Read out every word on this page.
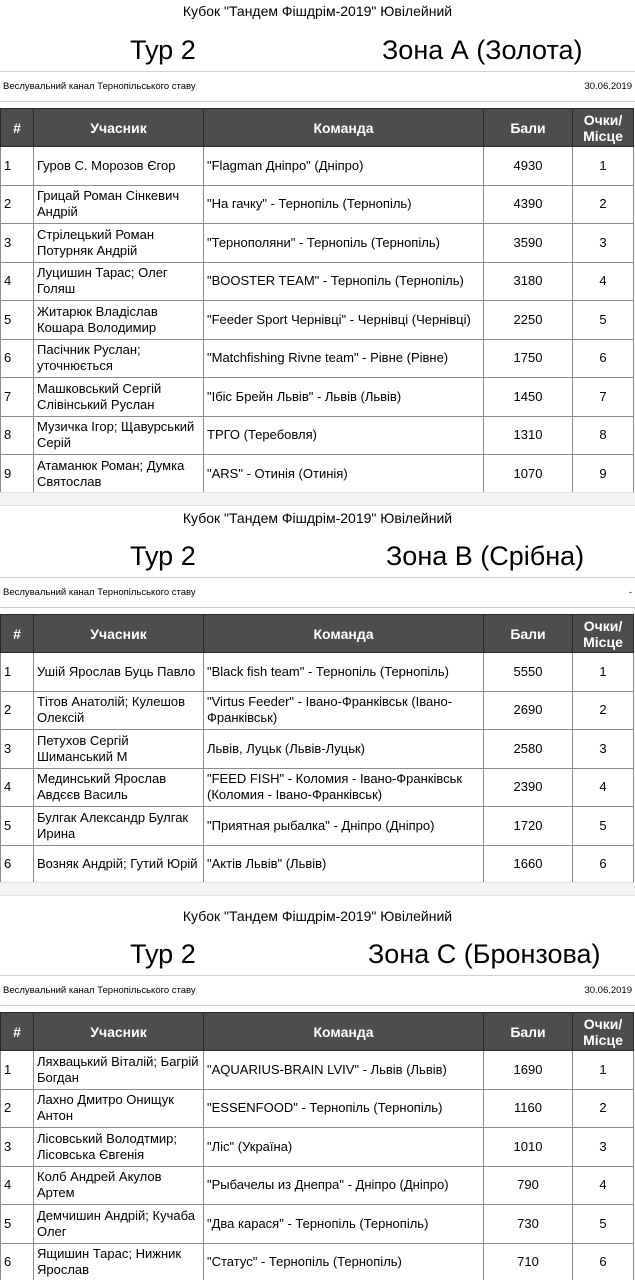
Кубок "Тандем Фішдрім-2019" Ювілейний
Тур 2	Зона А (Золота)
Веслувальний канал Тернопільського ставу	30.06.2019
#	Учасник	Команда	Бали	Очки/
Місце
1	Гуров С. Морозов Єгор	"Flagman Дніпро" (Дніпро)	4930	1
2	Грицай Роман Сінкевич Андрій	"На гачку" - Тернопіль (Тернопіль)	4390	2
3	Стрілецький Роман Потурняк Андрій	"Тернополяни" - Тернопіль (Тернопіль)	3590	3
4	Луцишин Тарас; Олег Голяш	"BOOSTER TEAM" - Тернопіль (Тернопіль)	3180	4
5	Житарюк Владіслав Кошара Володимир	"Feeder Sport Чернівці" - Чернівці (Чернівці)	2250	5
6	Пасічник Руслан; уточнюється	"Matchfishing Rivne team" - Рівне (Рівне)	1750	6
7	Машковський Сергій Слівінський Руслан	"Ібіс Брейн Львів" - Львів (Львів)	1450	7
8	Музичка Ігор; Щавурський Серій	ТРГО (Теребовля)	1310	8
9	Атаманюк Роман; Думка Святослав	"ARS" - Отинія (Отинія)	1070	9
Кубок "Тандем Фішдрім-2019" Ювілейний
Тур 2	Зона В (Срібна)
Веслувальний канал Тернопільського ставу	-
#	Учасник	Команда	Бали	Очки/
Місце
1	Ушій Ярослав Буць Павло	"Black fish team" - Тернопіль (Тернопіль)	5550	1
2	Тітов Анатолій; Кулешов Олексій	"Virtus Feeder" - Івано-Франківськ (Івано-Франківськ)	2690	2
3	Петухов Сергій Шиманський М	Львів, Луцьк (Львів-Луцьк)	2580	3
4	Мединський Ярослав Авдєєв Василь	"FEED FISH" - Коломия - Івано-Франківськ (Коломия - Івано-Франківськ)	2390	4
5	Булгак Александр Булгак Ирина	"Приятная рыбалка" - Дніпро (Дніпро)	1720	5
6	Возняк Андрій; Гутий Юрій	"Актів Львів" (Львів)	1660	6
Кубок "Тандем Фішдрім-2019" Ювілейний
Тур 2	Зона С (Бронзова)
Веслувальний канал Тернопільського ставу	30.06.2019
#	Учасник	Команда	Бали	Очки/
Місце
1	Ляхвацький Віталій; Багрій Богдан	"AQUARIUS-BRAIN LVIV" - Львів (Львів)	1690	1
2	Лахно Дмитро Онищук Антон	"ESSENFOOD" - Тернопіль (Тернопіль)	1160	2
3	Лісовський Володтмир; Лісовська Євгенія	"Ліс" (Україна)	1010	3
4	Колб Андрей Акулов Артем	"Рыбачелы из Днепра" - Дніпро (Дніпро)	790	4
5	Демчишин Андрій; Кучаба Олег	"Два карася" - Тернопіль (Тернопіль)	730	5
6	Ящишин Тарас; Нижник Ярослав	"Статус" - Тернопіль (Тернопіль)	710	6
